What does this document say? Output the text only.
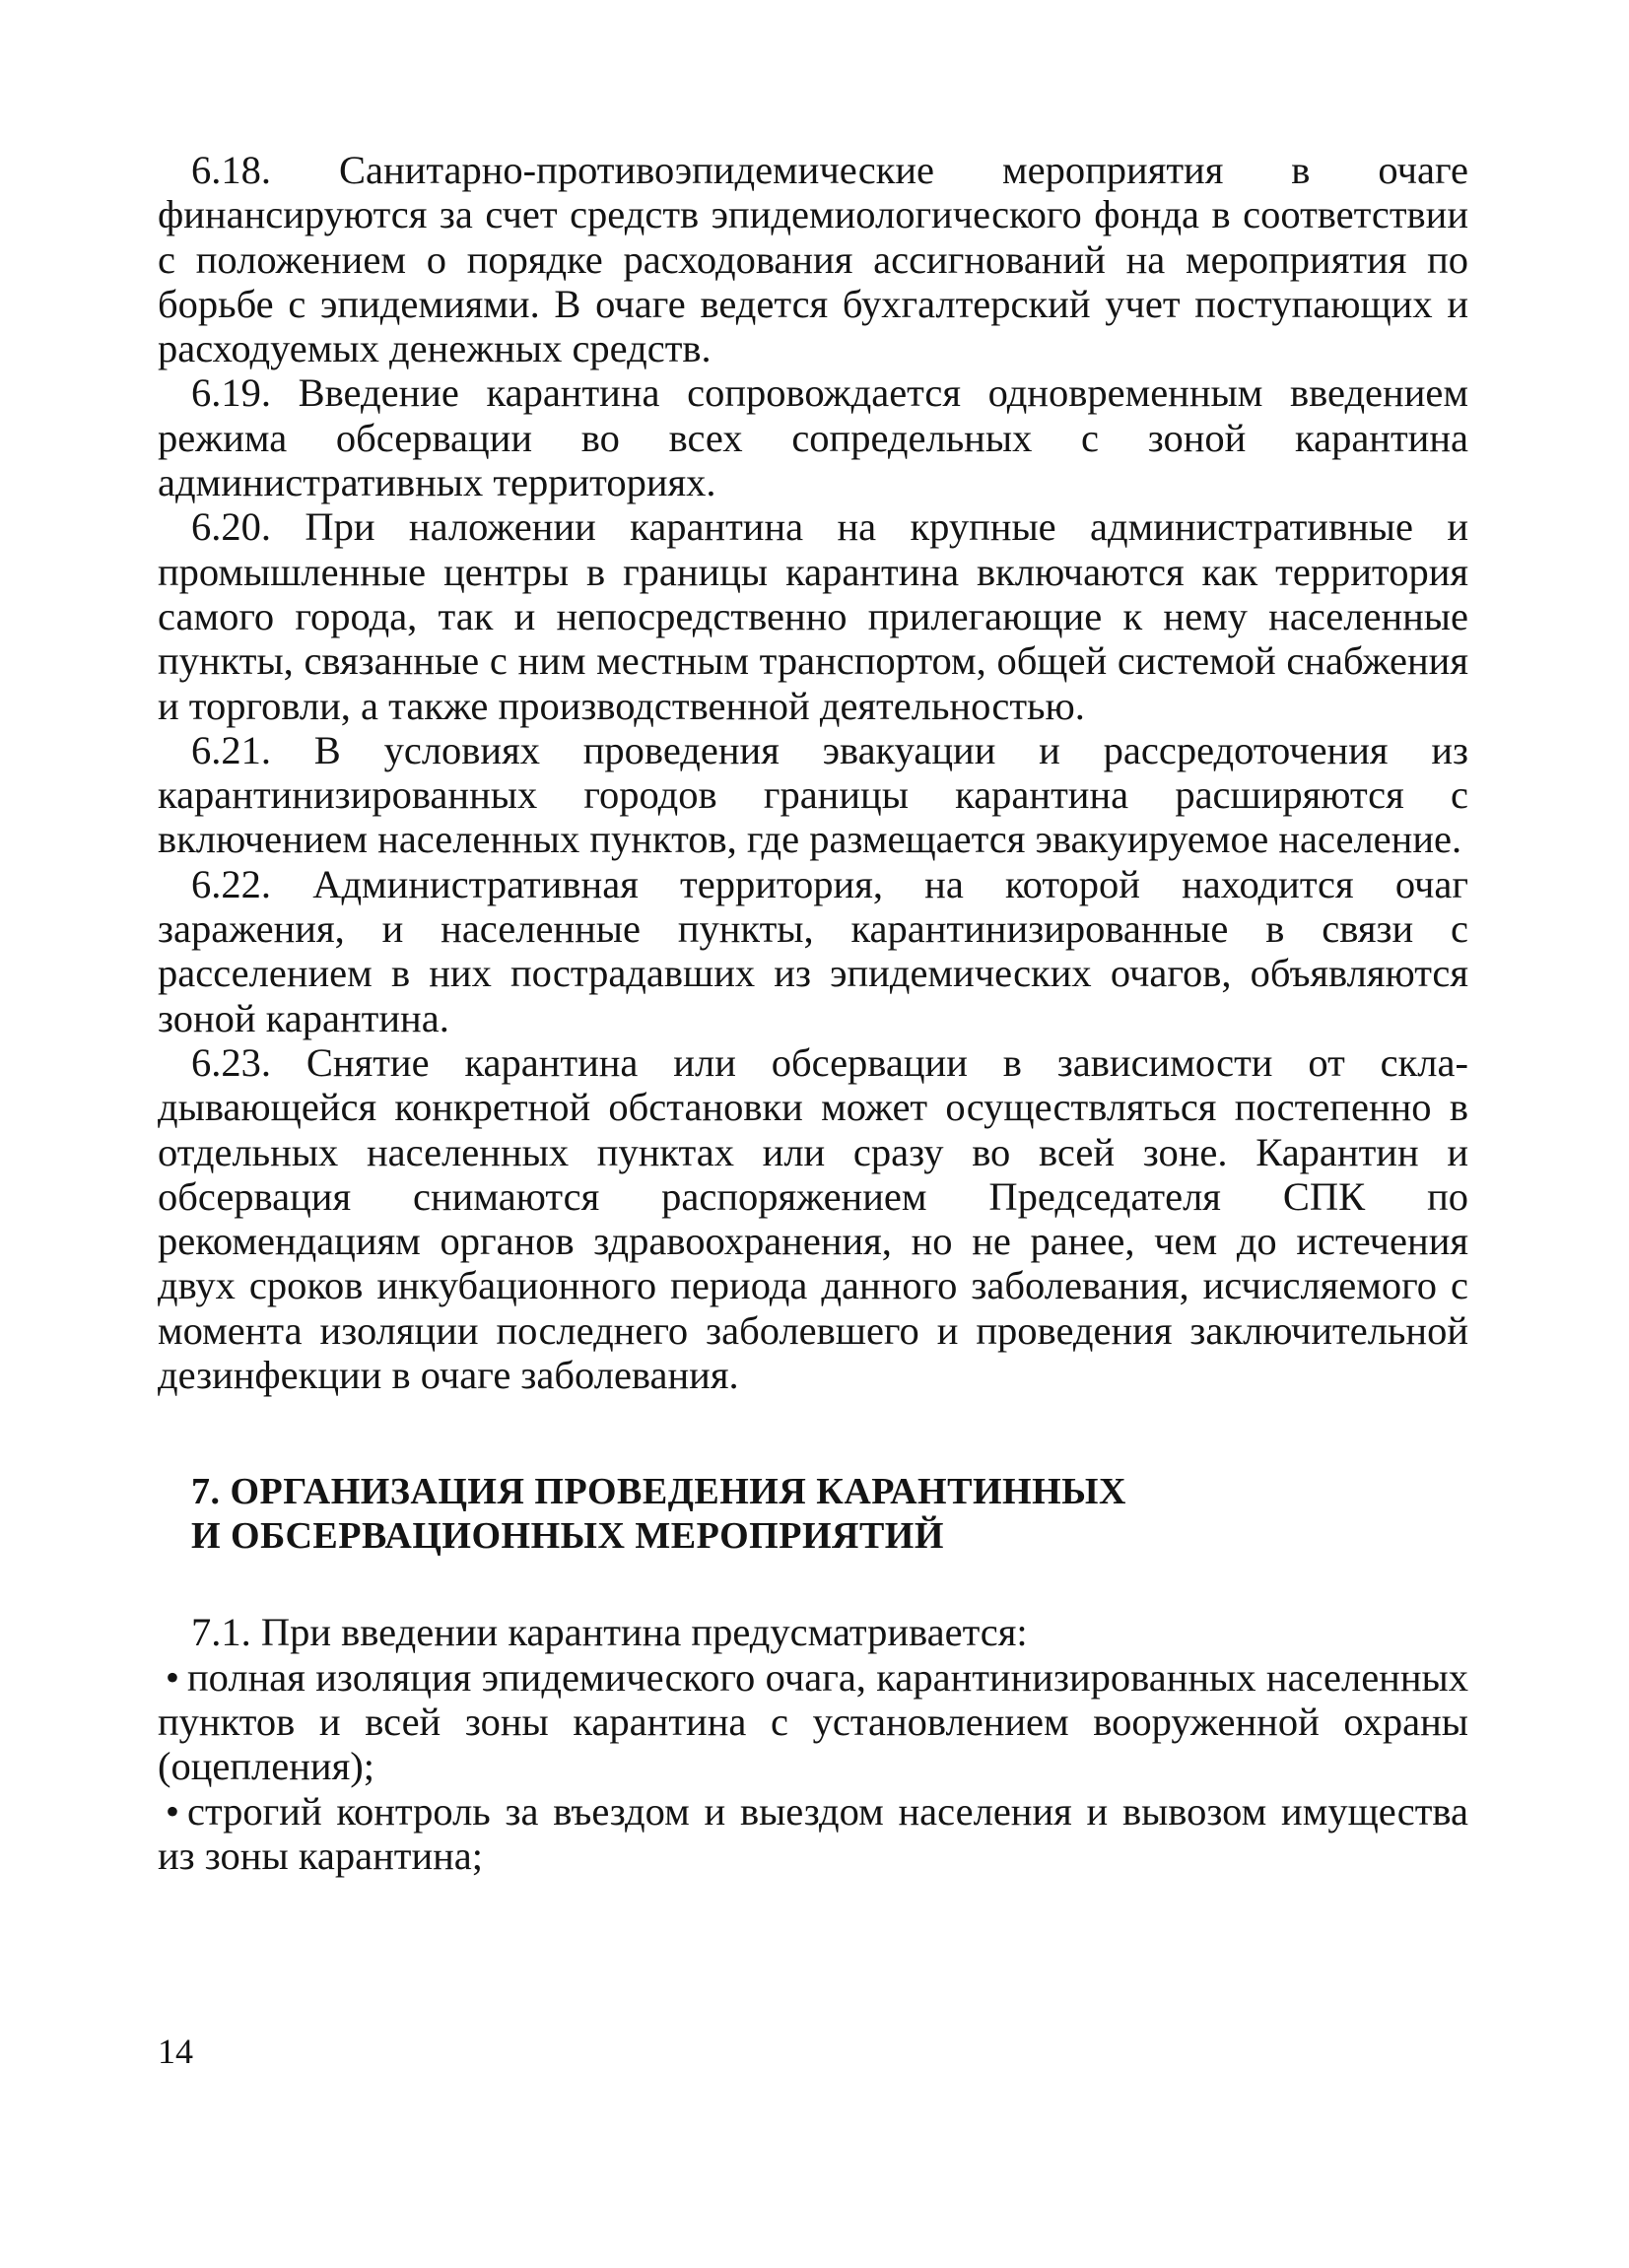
6.18. Санитарно-противоэпидемические мероприятия в очаге финансируются за счет средств эпидемиологического фонда в соответствии с положением о порядке расходования ассигнований на мероприятия по борьбе с эпидемиями. В очаге ведется бухгалтерский учет поступающих и расходуемых денежных средств.

6.19. Введение карантина сопровождается одновременным введением режима обсервации во всех сопредельных с зоной карантина административных территориях.

6.20. При наложении карантина на крупные административные и промышленные центры в границы карантина включаются как территория самого города, так и непосредственно прилегающие к нему населенные пункты, связанные с ним местным транспортом, общей системой снабжения и торговли, а также производственной деятельностью.

6.21. В условиях проведения эвакуации и рассредоточения из карантинизированных городов границы карантина расширяются с включением населенных пунктов, где размещается эвакуируемое население.

6.22. Административная территория, на которой находится очаг заражения, и населенные пункты, карантинизированные в связи с расселением в них пострадавших из эпидемических очагов, объявляются зоной карантина.

6.23. Снятие карантина или обсервации в зависимости от складывающейся конкретной обстановки может осуществляться постепенно в отдельных населенных пунктах или сразу во всей зоне. Карантин и обсервация снимаются распоряжением Председателя СПК по рекомендациям органов здравоохранения, но не ранее, чем до истечения двух сроков инкубационного периода данного заболевания, исчисляемого с момента изоляции последнего заболевшего и проведения заключительной дезинфекции в очаге заболевания.

7. ОРГАНИЗАЦИЯ ПРОВЕДЕНИЯ КАРАНТИННЫХ
И ОБСЕРВАЦИОННЫХ МЕРОПРИЯТИЙ

7.1. При введении карантина предусматривается:

• полная изоляция эпидемического очага, карантинизированных населенных пунктов и всей зоны карантина с установлением вооруженной охраны (оцепления);

• строгий контроль за въездом и выездом населения и вывозом имущества из зоны карантина;

14
